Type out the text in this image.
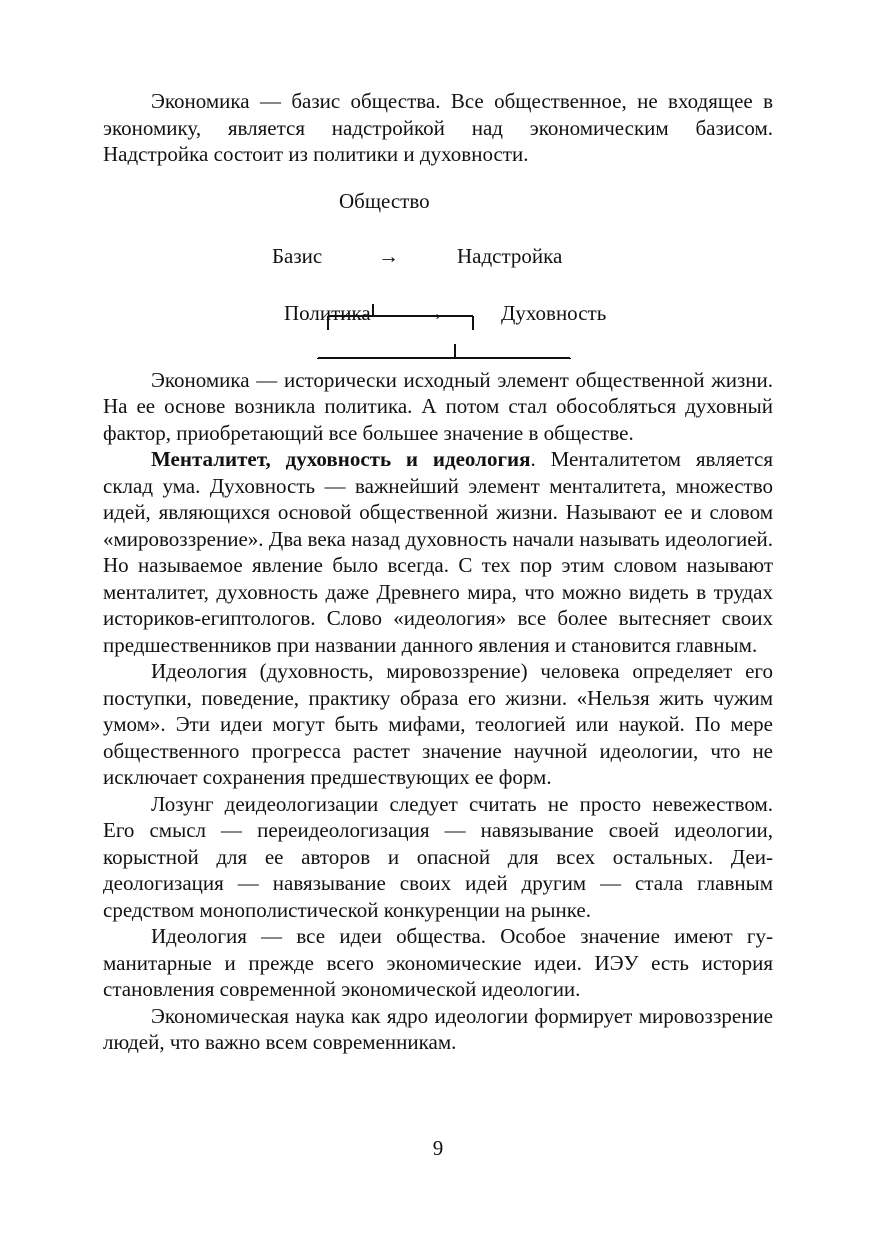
Экономика — базис общества. Все общественное, не входящее в экономику, является надстройкой над экономическим базисом. Надстройка состоит из политики и духовности.

Общество
Базис	→	Надстройка
Политика →	Духовность

Экономика — исторически исходный элемент общественной жизни. На ее основе возникла политика. А потом стал обособляться духовный фактор, приобретающий все большее значение в обществе.

Менталитет, духовность и идеология. Менталитетом является склад ума. Духовность — важнейший элемент менталитета, множество идей, являющихся основой общественной жизни. Называют ее и словом «мировоззрение». Два века назад духовность начали называть идеологией. Но называемое явление было всегда. С тех пор этим словом называют менталитет, духовность даже Древнего мира, что можно видеть в трудах историков-египтологов. Слово «идеология» все более вытесняет своих предшественников при названии данного явления и становится главным.

Идеология (духовность, мировоззрение) человека определяет его поступки, поведение, практику образа его жизни. «Нельзя жить чужим умом». Эти идеи могут быть мифами, теологией или наукой. По мере общественного прогресса растет значение научной идеологии, что не исключает сохранения предшествующих ее форм.

Лозунг деидеологизации следует считать не просто невежеством. Его смысл — переидеологизация — навязывание своей идеологии, корыстной для ее авторов и опасной для всех остальных. Деидеологизация — навязывание своих идей другим — стала главным средством монополистической конкуренции на рынке.

Идеология — все идеи общества. Особое значение имеют гуманитарные и прежде всего экономические идеи. ИЭУ есть история становления современной экономической идеологии.

Экономическая наука как ядро идеологии формирует мировоззрение людей, что важно всем современникам.

9
